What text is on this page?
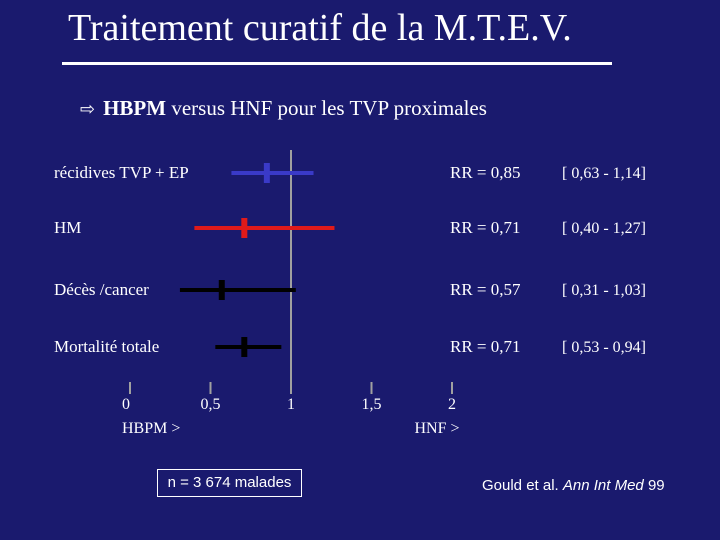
Traitement curatif de la M.T.E.V.
⇨ HBPM versus HNF pour les TVP proximales
récidives TVP + EP	RR = 0,85	[ 0,63 - 1,14]
HM	RR = 0,71	[ 0,40 - 1,27]
Décès /cancer	RR = 0,57	[ 0,31 - 1,03]
Mortalité totale	RR = 0,71	[ 0,53 - 0,94]
0	0,5	1	1,5	2
HBPM >	HNF >
n = 3 674 malades	Gould et al. Ann Int Med 99
